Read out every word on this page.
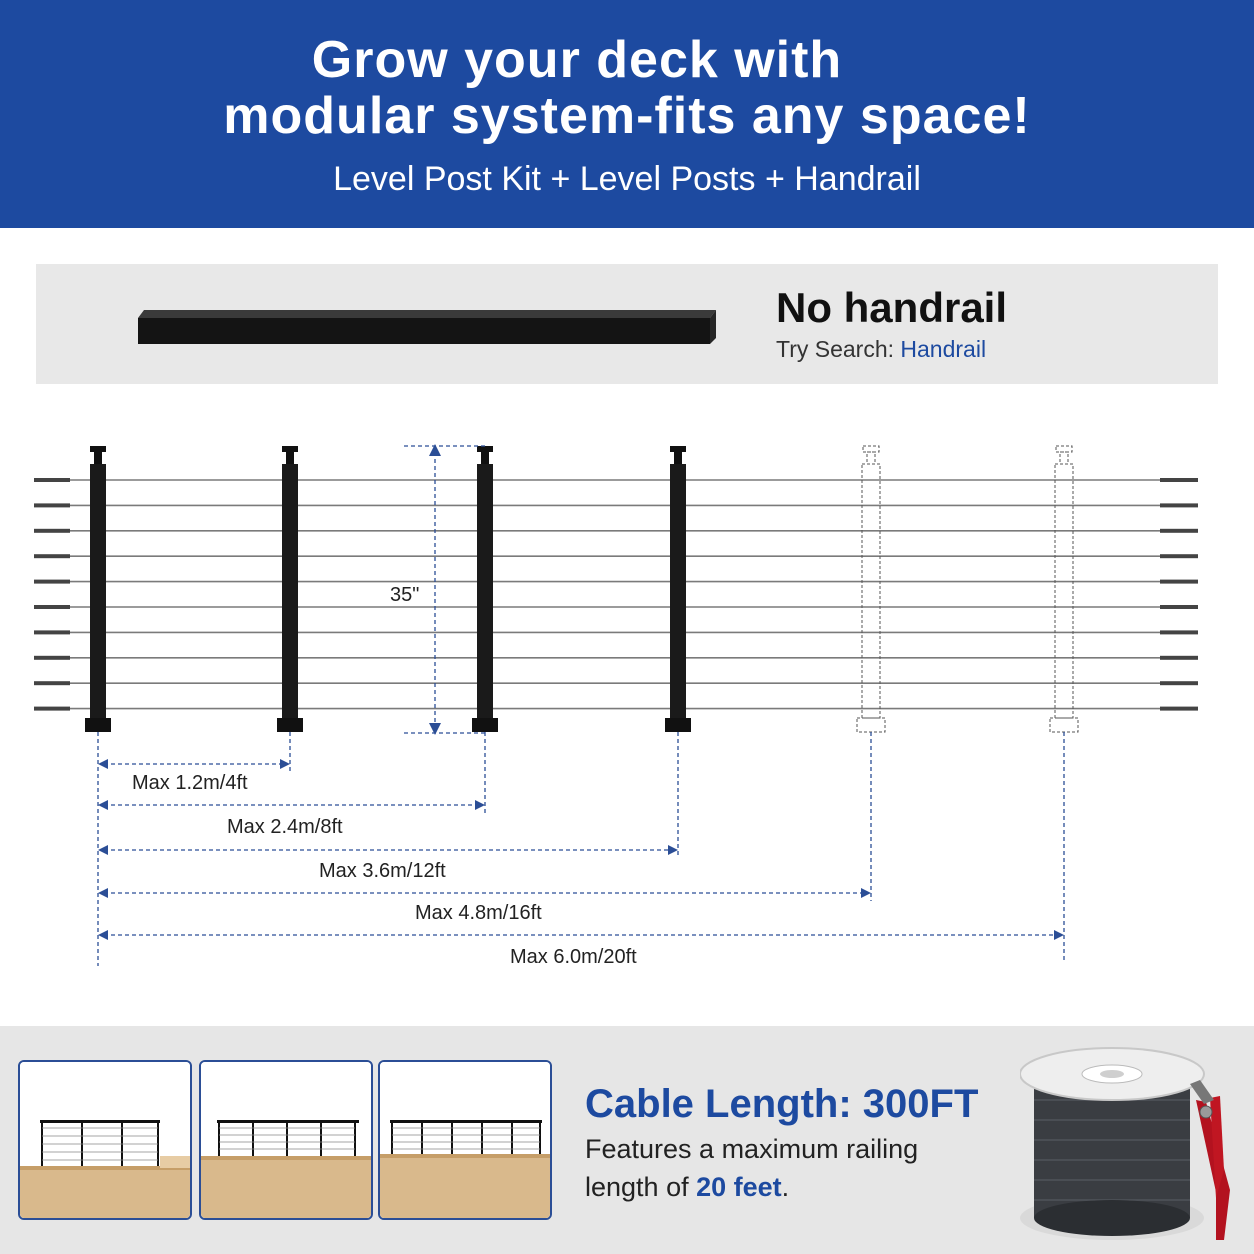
Grow your deck with
modular system-fits any space!
Level Post Kit + Level Posts + Handrail
No handrail
Try Search: Handrail
35"
Max 1.2m/4ft
Max 2.4m/8ft
Max 3.6m/12ft
Max 4.8m/16ft
Max 6.0m/20ft
Cable Length: 300FT
Features a maximum railing
length of 20 feet.
